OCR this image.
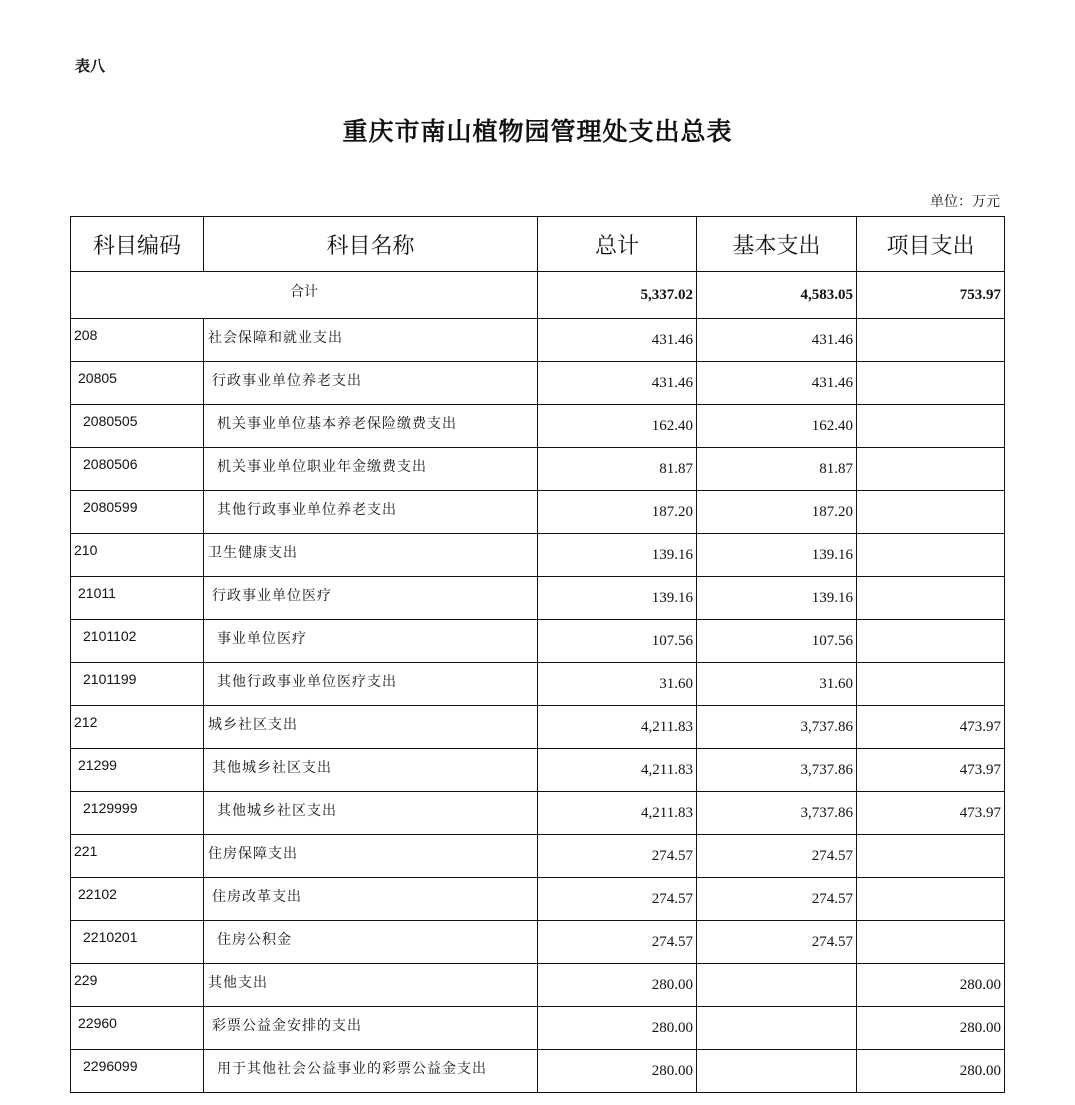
表八
重庆市南山植物园管理处支出总表
单位：万元
科目编码	科目名称	总计	基本支出	项目支出
合计		5,337.02	4,583.05	753.97
208	社会保障和就业支出	431.46	431.46	
20805	行政事业单位养老支出	431.46	431.46	
2080505	机关事业单位基本养老保险缴费支出	162.40	162.40	
2080506	机关事业单位职业年金缴费支出	81.87	81.87	
2080599	其他行政事业单位养老支出	187.20	187.20	
210	卫生健康支出	139.16	139.16	
21011	行政事业单位医疗	139.16	139.16	
2101102	事业单位医疗	107.56	107.56	
2101199	其他行政事业单位医疗支出	31.60	31.60	
212	城乡社区支出	4,211.83	3,737.86	473.97
21299	其他城乡社区支出	4,211.83	3,737.86	473.97
2129999	其他城乡社区支出	4,211.83	3,737.86	473.97
221	住房保障支出	274.57	274.57	
22102	住房改革支出	274.57	274.57	
2210201	住房公积金	274.57	274.57	
229	其他支出	280.00		280.00
22960	彩票公益金安排的支出	280.00		280.00
2296099	用于其他社会公益事业的彩票公益金支出	280.00		280.00
